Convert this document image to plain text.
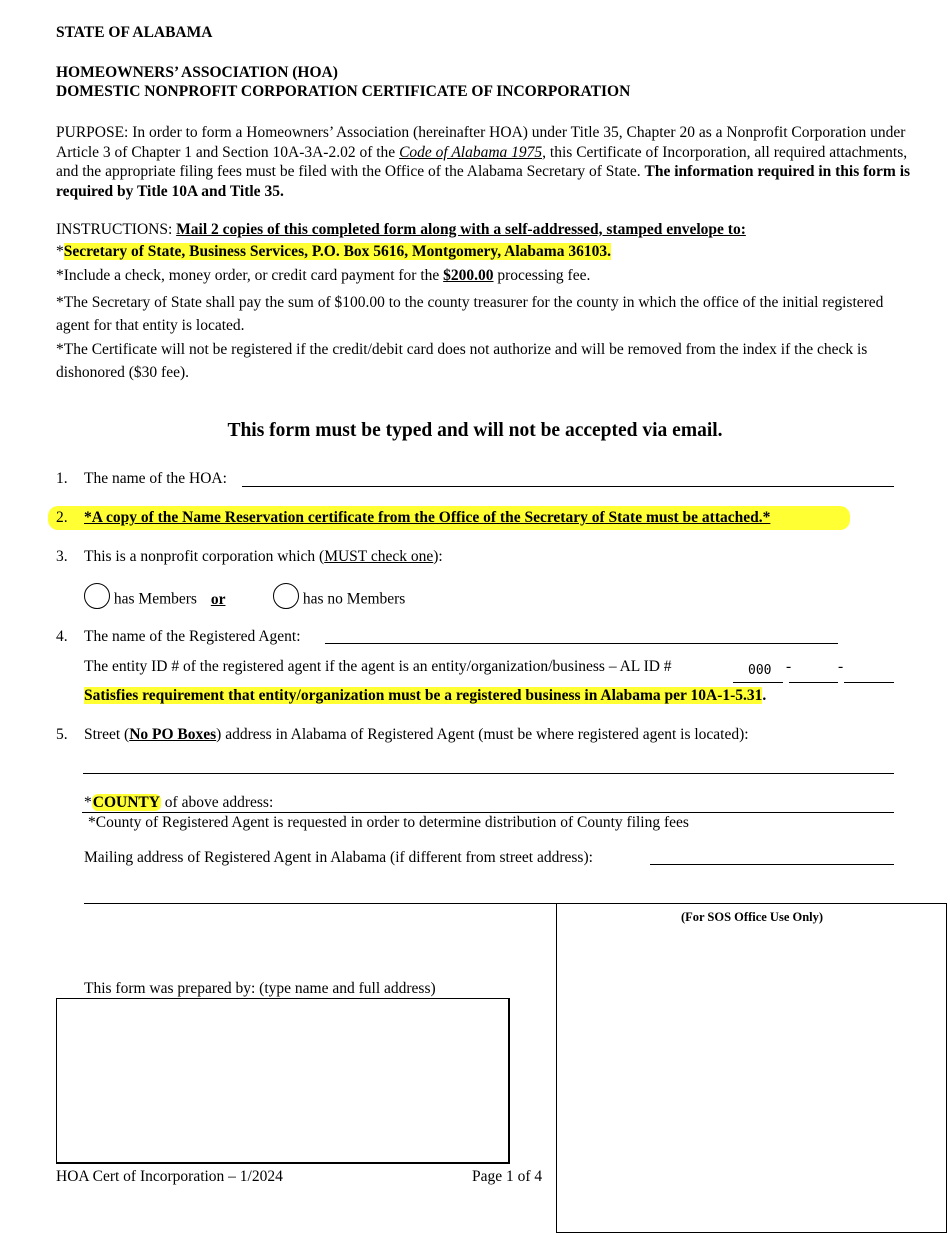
STATE OF ALABAMA
HOMEOWNERS’ ASSOCIATION (HOA)
DOMESTIC NONPROFIT CORPORATION CERTIFICATE OF INCORPORATION
PURPOSE: In order to form a Homeowners’ Association (hereinafter HOA) under Title 35, Chapter 20 as a Nonprofit Corporation under Article 3 of Chapter 1 and Section 10A-3A-2.02 of the Code of Alabama 1975, this Certificate of Incorporation, all required attachments, and the appropriate filing fees must be filed with the Office of the Alabama Secretary of State. The information required in this form is required by Title 10A and Title 35.
INSTRUCTIONS: Mail 2 copies of this completed form along with a self-addressed, stamped envelope to:
*Secretary of State, Business Services, P.O. Box 5616, Montgomery, Alabama 36103.
*Include a check, money order, or credit card payment for the $200.00 processing fee.
*The Secretary of State shall pay the sum of $100.00 to the county treasurer for the county in which the office of the initial registered agent for that entity is located.
*The Certificate will not be registered if the credit/debit card does not authorize and will be removed from the index if the check is dishonored ($30 fee).
This form must be typed and will not be accepted via email.
1. The name of the HOA:
2. *A copy of the Name Reservation certificate from the Office of the Secretary of State must be attached.*
3. This is a nonprofit corporation which (MUST check one):
has Members or	has no Members
4. The name of the Registered Agent:
The entity ID # of the registered agent if the agent is an entity/organization/business – AL ID #	000 -	-
Satisfies requirement that entity/organization must be a registered business in Alabama per 10A-1-5.31.
5. Street (No PO Boxes) address in Alabama of Registered Agent (must be where registered agent is located):
*COUNTY of above address:
*County of Registered Agent is requested in order to determine distribution of County filing fees
Mailing address of Registered Agent in Alabama (if different from street address):
(For SOS Office Use Only)
This form was prepared by: (type name and full address)
HOA Cert of Incorporation – 1/2024	Page 1 of 4
